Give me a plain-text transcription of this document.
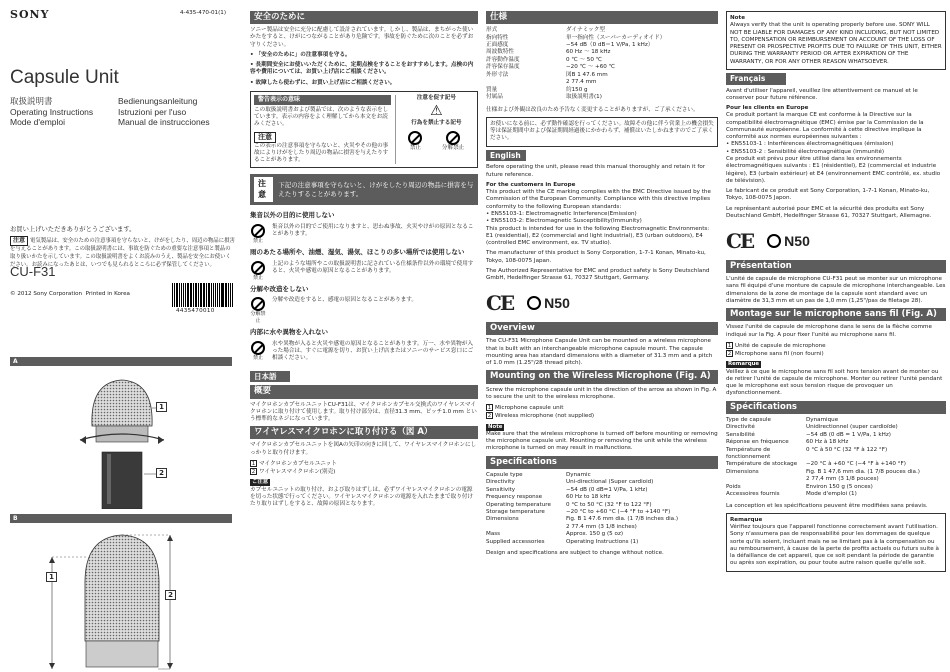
SONY	4-435-470-01(1)
Capsule Unit
取扱説明書	Bedienungsanleitung
Operating Instructions	Istruzioni per l'uso
Mode d'emploi	Manual de instrucciones
お買い上げいただきありがとうございます。
注意 電気製品は、安全のための注意事項を守らないと、けがをしたり、周辺の物品に損害を与えることがあります。この取扱説明書には、事故を防ぐための重要な注意事項と製品の取り扱いかたを示しています。この取扱説明書をよくお読みのうえ、製品を安全にお使いください。お読みになったあとは、いつでも見られるところに必ず保管してください。
CU-F31
© 2012 Sony Corporation Printed in Korea
4435470010
A
1
2
B
1
2
安全のために
ソニー製品は安全に充分に配慮して設計されています。しかし、製品は、まちがった使いかたをすると、けがにつながることがあり危険です。事故を防ぐために次のことを必ずお守りください。
• 「安全のために」の注意事項を守る。
• 長期間安全にお使いいただくために、定期点検をすることをおすすめします。点検の内容や費用については、お買い上げ店にご相談ください。
• 故障したら使わずに、お買い上げ店にご相談ください。
警告表示の意味
この取扱説明書および製品では、次のような表示をしています。表示の内容をよく理解してから本文をお読みください。
注意
この表示の注意事項を守らないと、火災やその他の事故によりけがをしたり周辺の物品に損害を与えたりすることがあります。
注意を促す記号
⚠
行為を禁止する記号
禁止	分解禁止
注意
下記の注意事項を守らないと、けがをしたり周辺の物品に損害を与えたりすることがあります。
集音以外の目的に使用しない
禁止
集音以外の目的でご使用になりますと、思わぬ事故、火災やけがの原因となることがあります。
雨のあたる場所や、油煙、湿気、湯気、ほこりの多い場所では使用しない
禁止
上記のような場所やこの取扱説明書に記されている仕様条件以外の環境で使用すると、火災や感電の原因となることがあります。
分解や改造をしない
分解禁止
分解や改造をすると、感電の原因となることがあります。
内部に水や異物を入れない
禁止
水や異物が入ると火災や感電の原因となることがあります。万一、水や異物が入った場合は、すぐに電源を切り、お買い上げ店またはソニーのサービス窓口にご相談ください。
日本語
概要
マイクロホンカプセルユニットCU-F31は、マイクロホンカプセル交換式のワイヤレスマイクロホンに取り付けて使用します。取り付け部分は、直径31.3 mm、ピッチ1.0 mm という標準的なネジになっています。
ワイヤレスマイクロホンに取り付ける（図 A）
マイクロホンカプセルユニットを図Aの矢印の向きに回して、ワイヤレスマイクロホンにしっかりと取り付けます。
1 マイクロホンカプセルユニット
2 ワイヤレスマイクロホン(別売)
ご注意
カプセルユニットの取り付け、および取りはずしは、必ずワイヤレスマイクロホンの電源を切った状態で行ってください。ワイヤレスマイクロホンの電源を入れたままで取り付けたり取りはずしをすると、故障の原因となります。
仕様
形式	ダイナミック型
指向特性	単一指向性（スーパーカーディオイド）
正面感度	−54 dB（0 dB＝1 V/Pa, 1 kHz）
周波数特性	60 Hz 〜 18 kHz
許容動作温度	0 ℃ 〜 50 ℃
許容保存温度	−20 ℃ 〜 +60 ℃
外形寸法	図B 1 47.6 mm
	2 77.4 mm
質量	約150 g
付属品	取扱説明書(1)
仕様および外観は改良のため予告なく変更することがありますが、ご了承ください。
お使いになる前に、必ず動作確認を行ってください。故障その他に伴う営業上の機会損失等は保証期間中および保証期間経過後にかかわらず、補償はいたしかねますのでご了承ください。
English
Before operating the unit, please read this manual thoroughly and retain it for future reference.
For the customers in Europe
This product with the CE marking complies with the EMC Directive issued by the Commission of the European Community. Compliance with this directive implies conformity to the following European standards:
• EN55103-1: Electromagnetic Interference(Emission)
• EN55103-2: Electromagnetic Susceptibility(Immunity)
This product is intended for use in the following Electromagnetic Environments: E1 (residential), E2 (commercial and light industrial), E3 (urban outdoors), E4 (controlled EMC environment, ex. TV studio).
The manufacturer of this product is Sony Corporation, 1-7-1 Konan, Minato-ku, Tokyo, 108-0075 Japan.
The Authorized Representative for EMC and product safety is Sony Deutschland GmbH, Hedelfinger Strasse 61, 70327 Stuttgart, Germany.
CE N50
Overview
The CU-F31 Microphone Capsule Unit can be mounted on a wireless microphone that is built with an interchangeable microphone capsule mount. The capsule mounting area has standard dimensions with a diameter of 31.3 mm and a pitch of 1.0 mm (1.25"/28 thread pitch).
Mounting on the Wireless Microphone (Fig. A)
Screw the microphone capsule unit in the direction of the arrow as shown in Fig. A to secure the unit to the wireless microphone.
1 Microphone capsule unit
2 Wireless microphone (not supplied)
Note
Make sure that the wireless microphone is turned off before mounting or removing the microphone capsule unit. Mounting or removing the unit while the wireless microphone is turned on may result in malfunctions.
Specifications
Capsule type	Dynamic
Directivity	Uni-directional (Super cardioid)
Sensitivity	−54 dB (0 dB=1 V/Pa, 1 kHz)
Frequency response	60 Hz to 18 kHz
Operating temperature	0 °C to 50 °C (32 °F to 122 °F)
Storage temperature	−20 °C to +60 °C (−4 °F to +140 °F)
Dimensions	Fig. B 1 47.6 mm dia. (1 7/8 inches dia.)
	2 77.4 mm (3 1/8 inches)
Mass	Approx. 150 g (5 oz)
Supplied accessories	Operating Instructions (1)
Design and specifications are subject to change without notice.
Note
Always verify that the unit is operating properly before use. SONY WILL NOT BE LIABLE FOR DAMAGES OF ANY KIND INCLUDING, BUT NOT LIMITED TO, COMPENSATION OR REIMBURSEMENT ON ACCOUNT OF THE LOSS OF PRESENT OR PROSPECTIVE PROFITS DUE TO FAILURE OF THIS UNIT, EITHER DURING THE WARRANTY PERIOD OR AFTER EXPIRATION OF THE WARRANTY, OR FOR ANY OTHER REASON WHATSOEVER.
Français
Avant d'utiliser l'appareil, veuillez lire attentivement ce manuel et le conserver pour future référence.
Pour les clients en Europe
Ce produit portant la marque CE est conforme à la Directive sur la compatibilité électromagnétique (EMC) émise par la Commission de la Communauté européenne. La conformité à cette directive implique la conformité aux normes européennes suivantes :
• EN55103-1 : Interférences électromagnétiques (émission)
• EN55103-2 : Sensibilité électromagnétique (immunité)
Ce produit est prévu pour être utilisé dans les environnements électromagnétiques suivants : E1 (résidentiel), E2 (commercial et industrie légère), E3 (urbain extérieur) et E4 (environnement EMC contrôlé, ex. studio de télévision).
Le fabricant de ce produit est Sony Corporation, 1-7-1 Konan, Minato-ku, Tokyo, 108-0075 Japon.
Le représentant autorisé pour EMC et la sécurité des produits est Sony Deutschland GmbH, Hedelfinger Strasse 61, 70327 Stuttgart, Allemagne.
CE N50
Présentation
L'unité de capsule de microphone CU-F31 peut se monter sur un microphone sans fil équipé d'une monture de capsule de microphone interchangeable. Les dimensions de la zone de montage de la capsule sont standard avec un diamètre de 31,3 mm et un pas de 1,0 mm (1,25"/pas de filetage 28).
Montage sur le microphone sans fil (Fig. A)
Vissez l'unité de capsule de microphone dans le sens de la flèche comme indiqué sur la Fig. A pour fixer l'unité au microphone sans fil.
1 Unité de capsule de microphone
2 Microphone sans fil (non fourni)
Remarque
Veillez à ce que le microphone sans fil soit hors tension avant de monter ou de retirer l'unité de capsule de microphone. Monter ou retirer l'unité pendant que le microphone est sous tension risque de provoquer un dysfonctionnement.
Spécifications
Type de capsule	Dynamique
Directivité	Unidirectionnel (super cardioïde)
Sensibilité	−54 dB (0 dB = 1 V/Pa, 1 kHz)
Réponse en fréquence	60 Hz à 18 kHz
Température de fonctionnement	0 °C à 50 °C (32 °F à 122 °F)
Température de stockage	−20 °C à +60 °C (−4 °F à +140 °F)
Dimensions	Fig. B 1 47,6 mm dia. (1 7/8 pouces dia.)
	2 77,4 mm (3 1/8 pouces)
Poids	Environ 150 g (5 onces)
Accessoires fournis	Mode d'emploi (1)
La conception et les spécifications peuvent être modifiées sans préavis.
Remarque
Vérifiez toujours que l'appareil fonctionne correctement avant l'utilisation. Sony n'assumera pas de responsabilité pour les dommages de quelque sorte qu'ils soient, incluant mais ne se limitant pas à la compensation ou au remboursement, à cause de la perte de profits actuels ou futurs suite à la défaillance de cet appareil, que ce soit pendant la période de garantie ou après son expiration, ou pour toute autre raison quelle qu'elle soit.
